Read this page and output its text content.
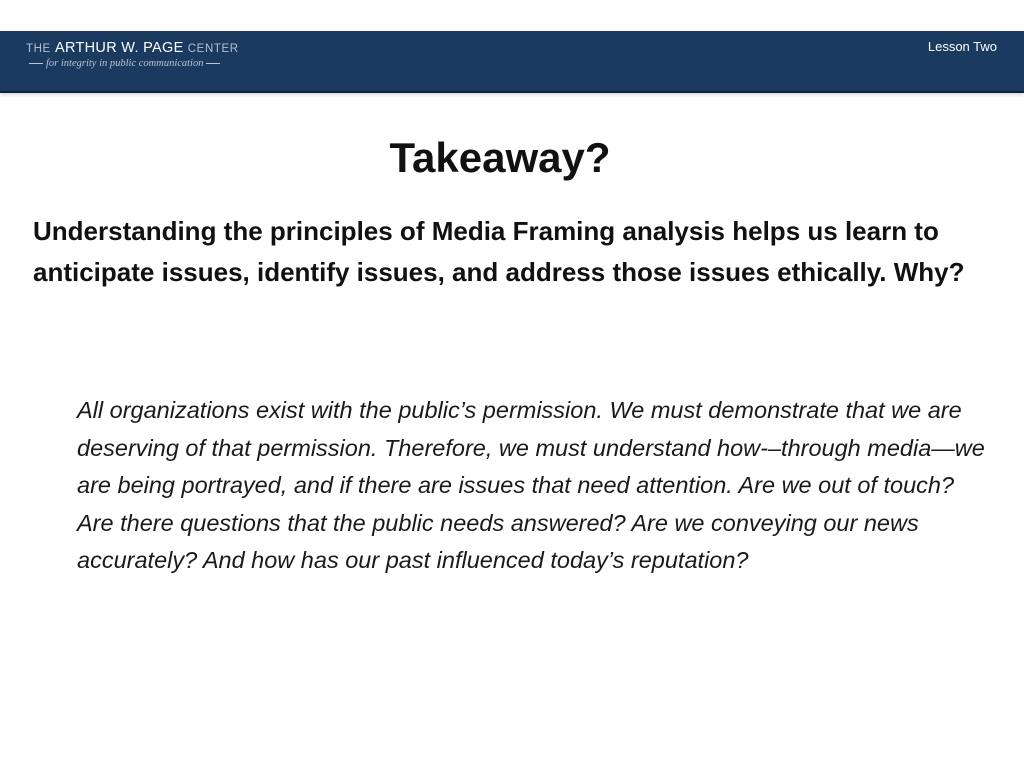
THE ARTHUR W. PAGE CENTER
for integrity in public communication
Lesson Two
Takeaway?
Understanding the principles of Media Framing analysis helps us learn to anticipate issues, identify issues, and address those issues ethically. Why?
All organizations exist with the public’s permission. We must demonstrate that we are deserving of that permission. Therefore, we must understand how-–through media—we are being portrayed, and if there are issues that need attention. Are we out of touch? Are there questions that the public needs answered? Are we conveying our news accurately? And how has our past influenced today’s reputation?
